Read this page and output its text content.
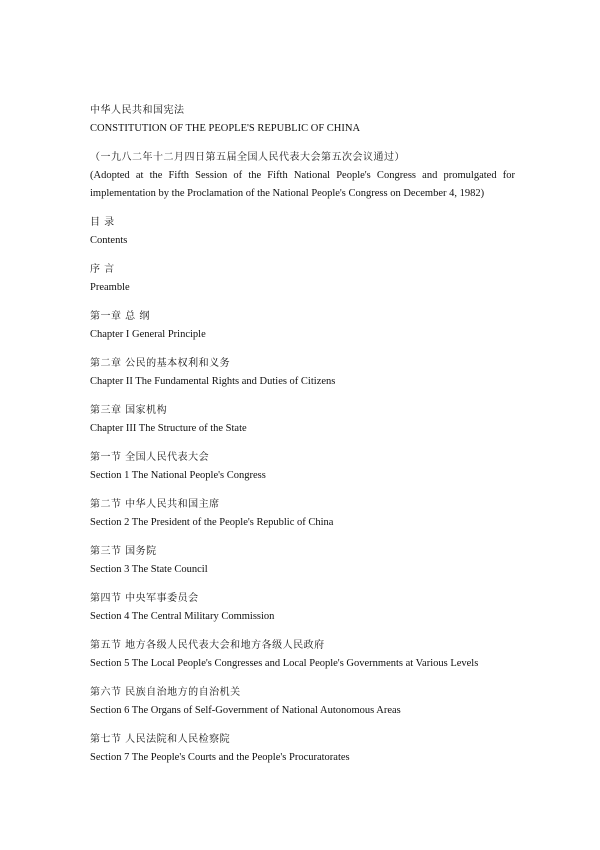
中华人民共和国宪法
CONSTITUTION OF THE PEOPLE'S REPUBLIC OF CHINA
（一九八二年十二月四日第五届全国人民代表大会第五次会议通过）
(Adopted at the Fifth Session of the Fifth National People's Congress and promulgated for implementation by the Proclamation of the National People's Congress on December 4, 1982)
目 录
Contents
序 言
Preamble
第一章 总 纲
Chapter I General Principle
第二章 公民的基本权利和义务
Chapter II The Fundamental Rights and Duties of Citizens
第三章 国家机构
Chapter III The Structure of the State
第一节 全国人民代表大会
Section 1 The National People's Congress
第二节 中华人民共和国主席
Section 2 The President of the People's Republic of China
第三节 国务院
Section 3 The State Council
第四节 中央军事委员会
Section 4 The Central Military Commission
第五节 地方各级人民代表大会和地方各级人民政府
Section 5 The Local People's Congresses and Local People's Governments at Various Levels
第六节 民族自治地方的自治机关
Section 6 The Organs of Self-Government of National Autonomous Areas
第七节 人民法院和人民检察院
Section 7 The People's Courts and the People's Procuratorates
